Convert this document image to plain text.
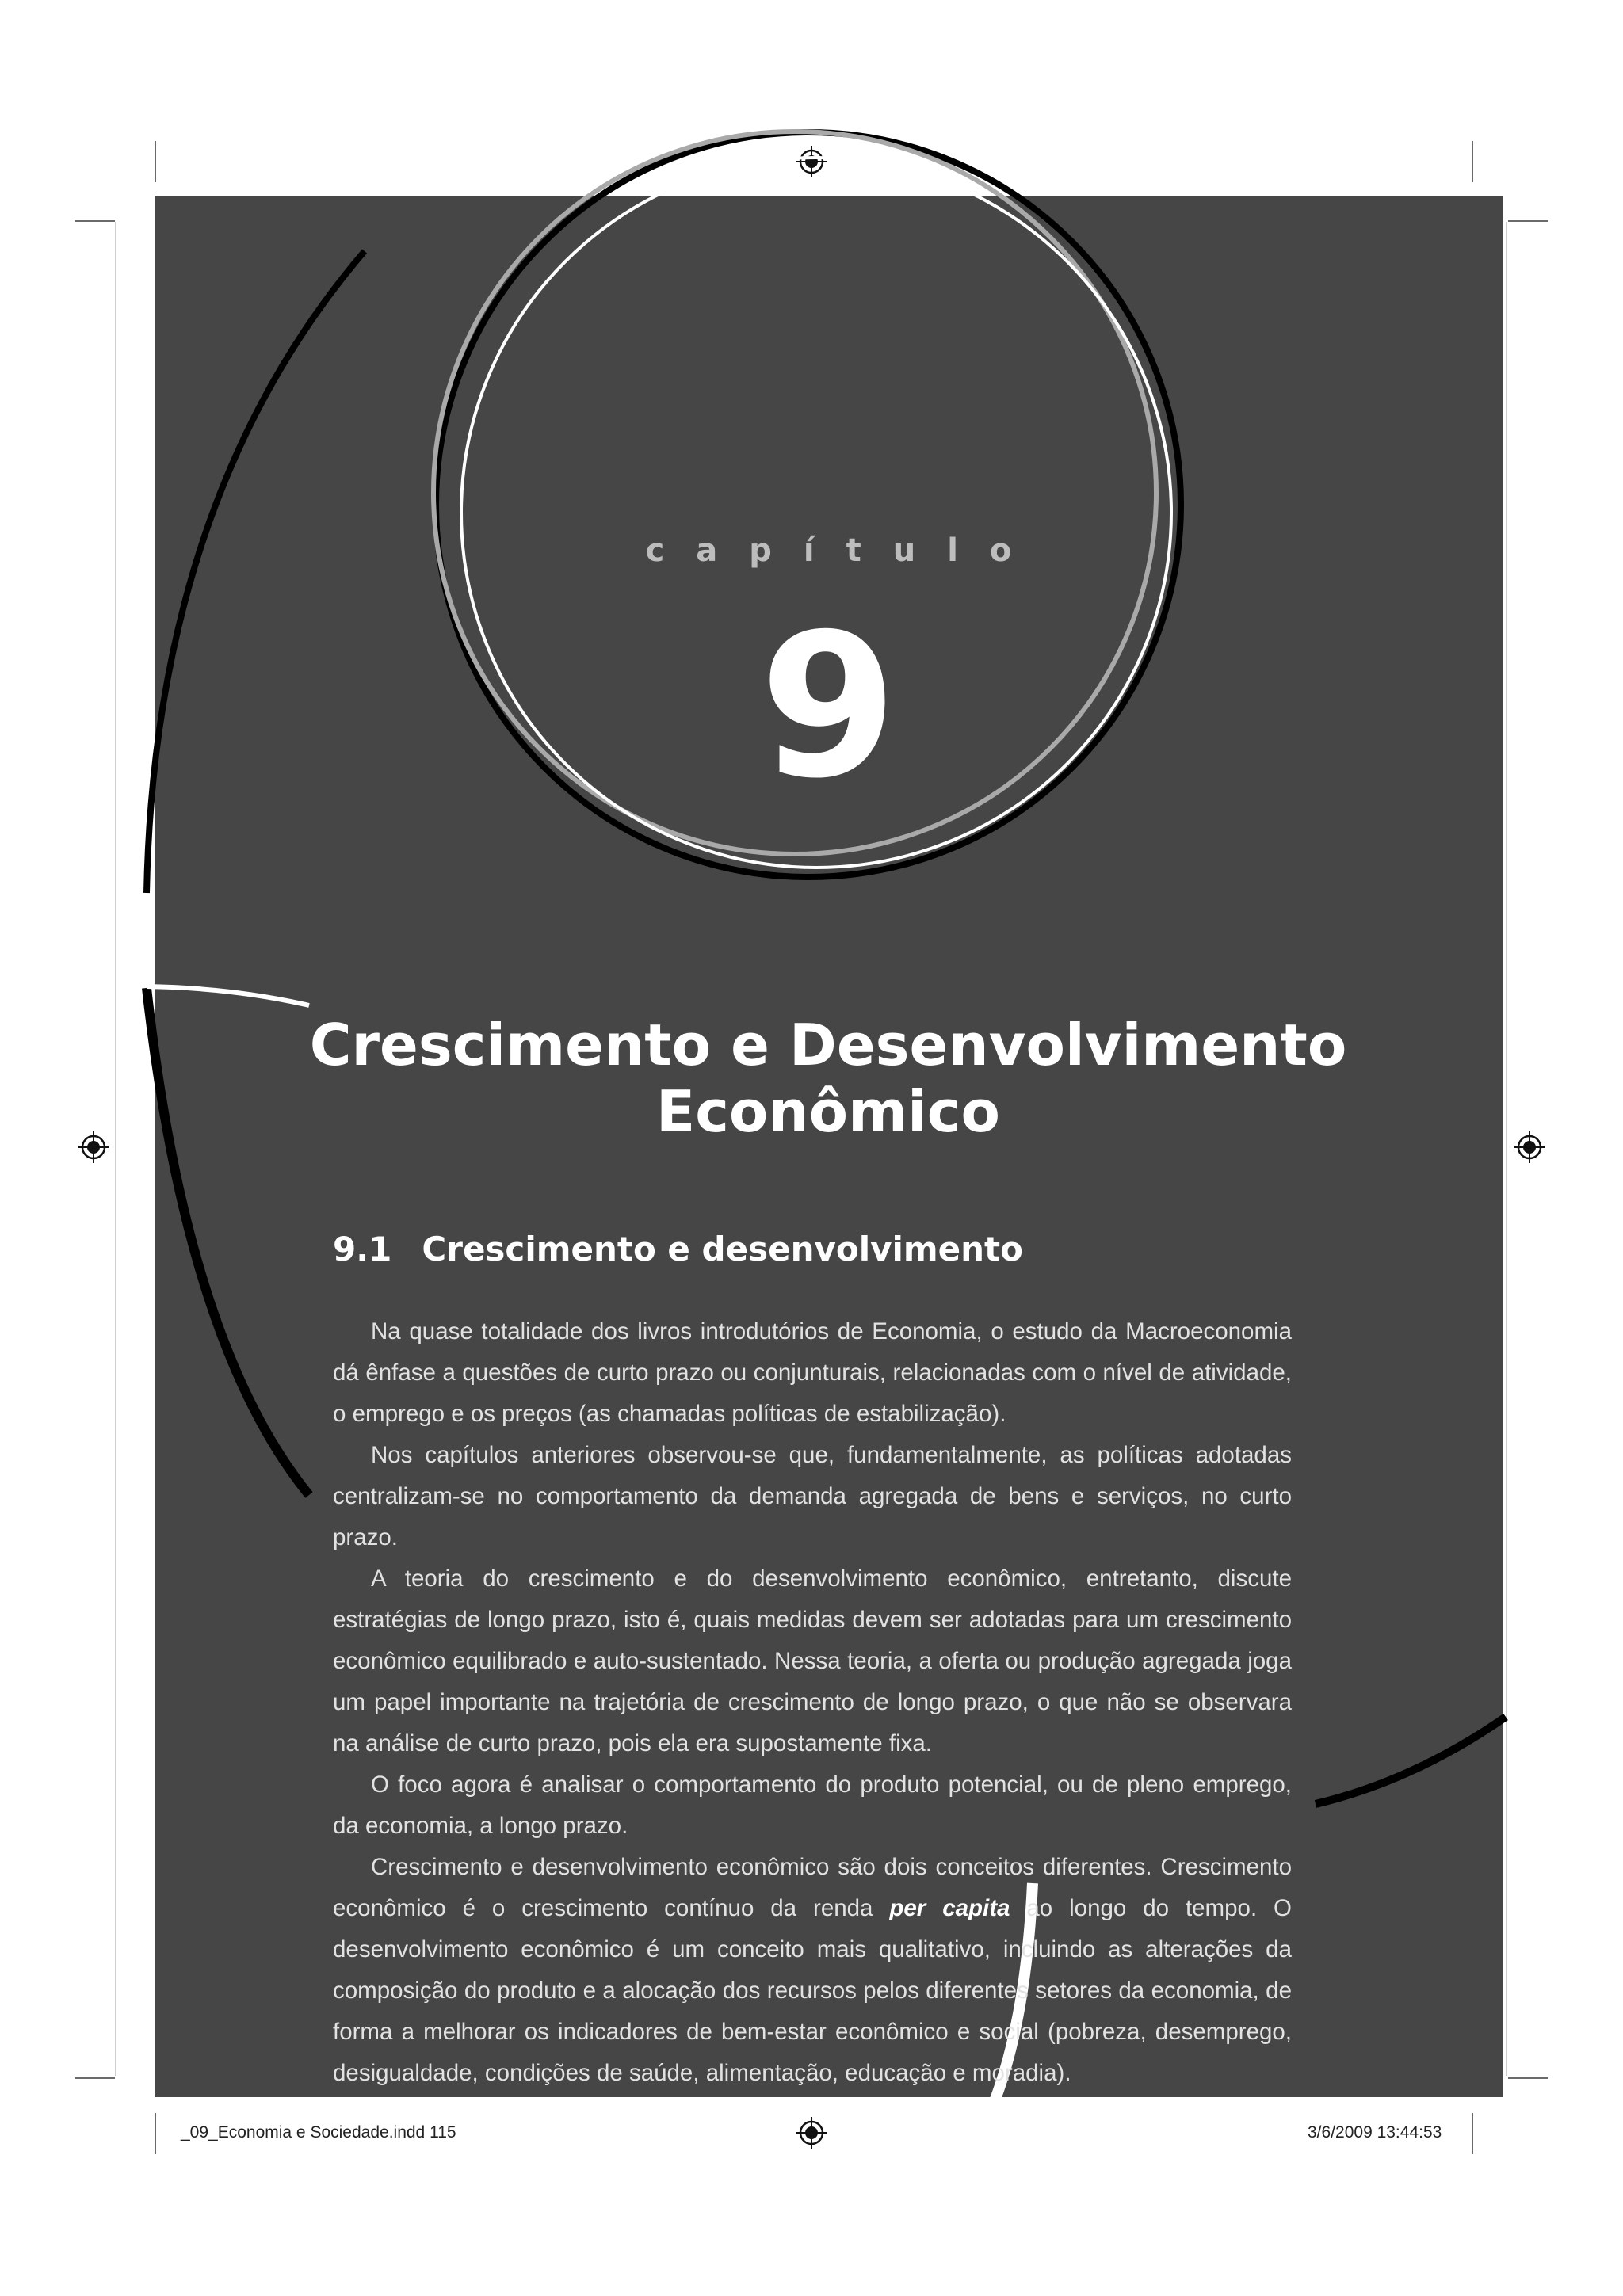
capítulo
9
Crescimento e Desenvolvimento
Econômico
9.1 Crescimento e desenvolvimento

Na quase totalidade dos livros introdutórios de Economia, o estudo da Macroeconomia dá ênfase a questões de curto prazo ou conjunturais, relacionadas com o nível de atividade, o emprego e os preços (as chamadas políticas de estabilização).

Nos capítulos anteriores observou-se que, fundamentalmente, as políticas adotadas centralizam-se no comportamento da demanda agregada de bens e serviços, no curto prazo.

A teoria do crescimento e do desenvolvimento econômico, entretanto, discute estratégias de longo prazo, isto é, quais medidas devem ser adotadas para um crescimento econômico equilibrado e auto-sustentado. Nessa teoria, a oferta ou produção agregada joga um papel importante na trajetória de crescimento de longo prazo, o que não se observara na análise de curto prazo, pois ela era supostamente fixa.

O foco agora é analisar o comportamento do produto potencial, ou de pleno emprego, da economia, a longo prazo.

Crescimento e desenvolvimento econômico são dois conceitos diferentes. Crescimento econômico é o crescimento contínuo da renda per capita ao longo do tempo. O desenvolvimento econômico é um conceito mais qualitativo, incluindo as alterações da composição do produto e a alocação dos recursos pelos diferentes setores da economia, de forma a melhorar os indicadores de bem-estar econômico e social (pobreza, desemprego, desigualdade, condições de saúde, alimentação, educação e moradia).

115
_09_Economia e Sociedade.indd 115	3/6/2009 13:44:53
